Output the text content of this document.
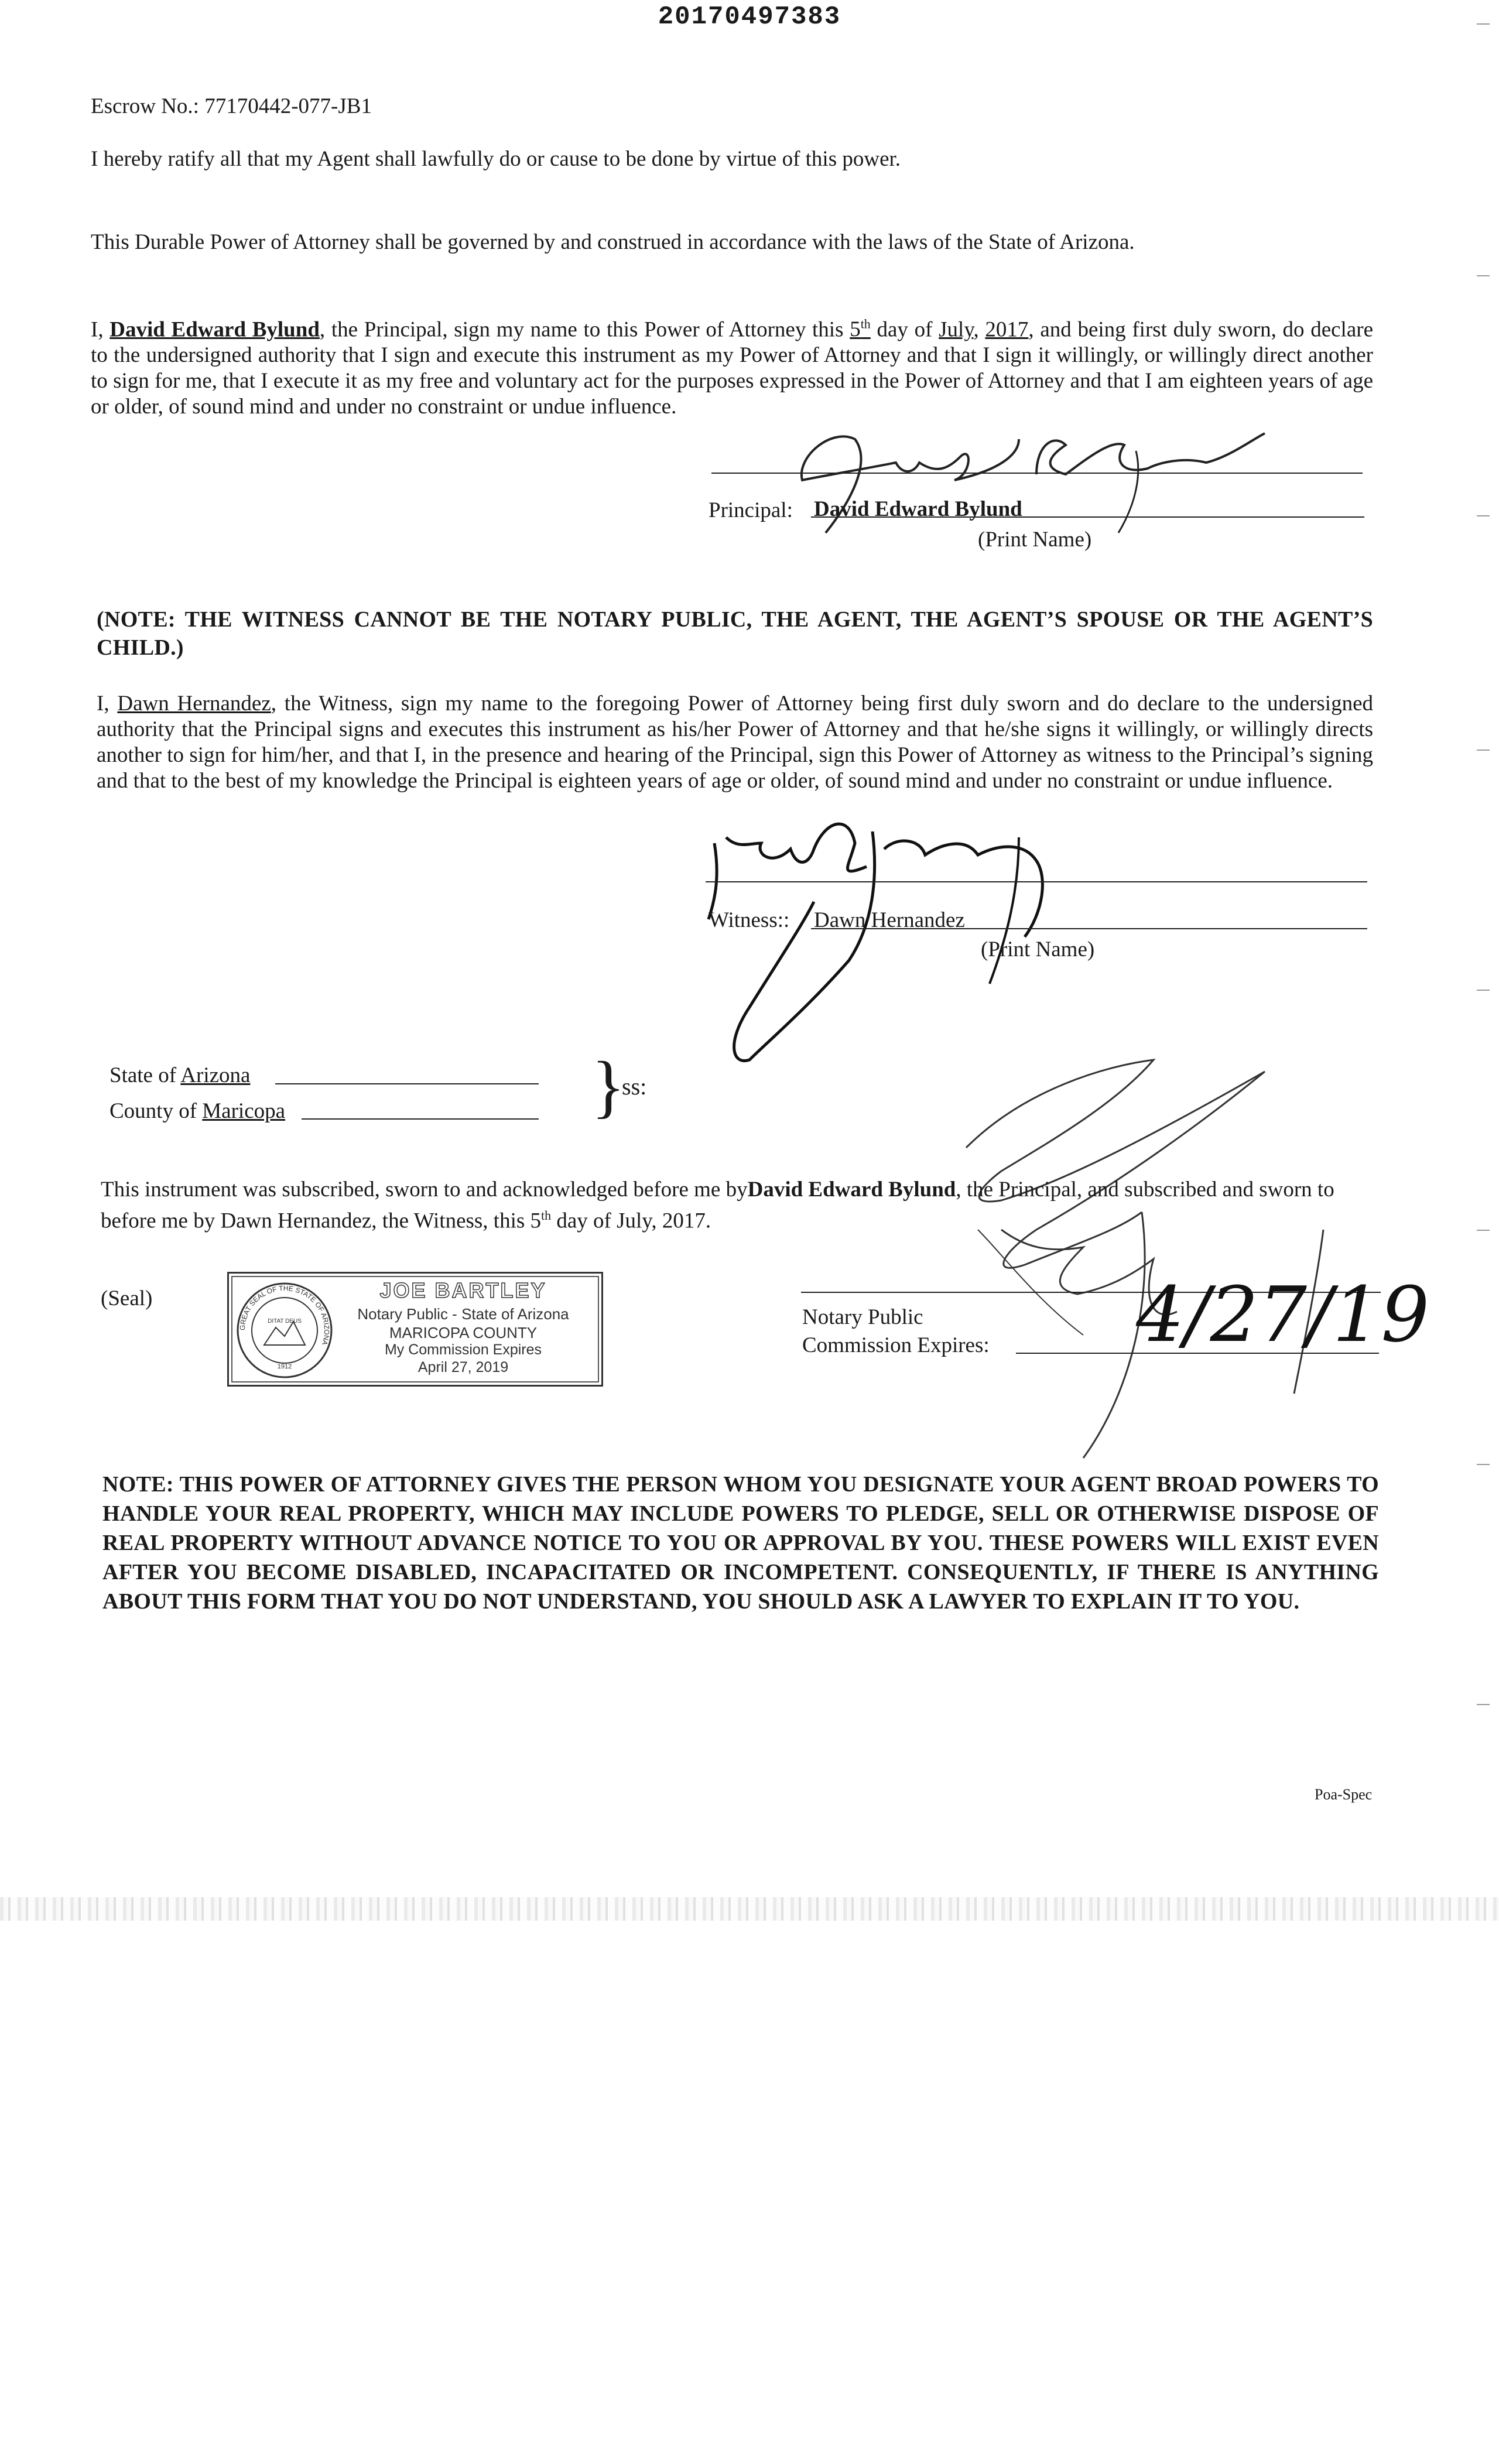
20170497383
Escrow No.: 77170442-077-JB1
I hereby ratify all that my Agent shall lawfully do or cause to be done by virtue of this power.
This Durable Power of Attorney shall be governed by and construed in accordance with the laws of the State of Arizona.
I, David Edward Bylund, the Principal, sign my name to this Power of Attorney this 5th day of July, 2017, and being first duly sworn, do declare to the undersigned authority that I sign and execute this instrument as my Power of Attorney and that I sign it willingly, or willingly direct another to sign for me, that I execute it as my free and voluntary act for the purposes expressed in the Power of Attorney and that I am eighteen years of age or older, of sound mind and under no constraint or undue influence.
Principal: David Edward Bylund
(Print Name)
(NOTE: THE WITNESS CANNOT BE THE NOTARY PUBLIC, THE AGENT, THE AGENT’S SPOUSE OR THE AGENT’S CHILD.)
I, Dawn Hernandez, the Witness, sign my name to the foregoing Power of Attorney being first duly sworn and do declare to the undersigned authority that the Principal signs and executes this instrument as his/her Power of Attorney and that he/she signs it willingly, or willingly directs another to sign for him/her, and that I, in the presence and hearing of the Principal, sign this Power of Attorney as witness to the Principal’s signing and that to the best of my knowledge the Principal is eighteen years of age or older, of sound mind and under no constraint or undue influence.
Witness:: Dawn Hernandez
(Print Name)
State of Arizona
County of Maricopa	}
ss:
This instrument was subscribed, sworn to and acknowledged before me byDavid Edward Bylund, the Principal, and subscribed and sworn to before me by Dawn Hernandez, the Witness, this 5th day of July, 2017.
(Seal)
GREAT SEAL OF THE STATE OF ARIZONA
DITAT DEUS
1912
JOE BARTLEY
Notary Public - State of Arizona
MARICOPA COUNTY
My Commission Expires
April 27, 2019
Notary Public
Commission Expires: 4/27/19
NOTE: THIS POWER OF ATTORNEY GIVES THE PERSON WHOM YOU DESIGNATE YOUR AGENT BROAD POWERS TO HANDLE YOUR REAL PROPERTY, WHICH MAY INCLUDE POWERS TO PLEDGE, SELL OR OTHERWISE DISPOSE OF REAL PROPERTY WITHOUT ADVANCE NOTICE TO YOU OR APPROVAL BY YOU. THESE POWERS WILL EXIST EVEN AFTER YOU BECOME DISABLED, INCAPACITATED OR INCOMPETENT. CONSEQUENTLY, IF THERE IS ANYTHING ABOUT THIS FORM THAT YOU DO NOT UNDERSTAND, YOU SHOULD ASK A LAWYER TO EXPLAIN IT TO YOU.
Poa-Spec
